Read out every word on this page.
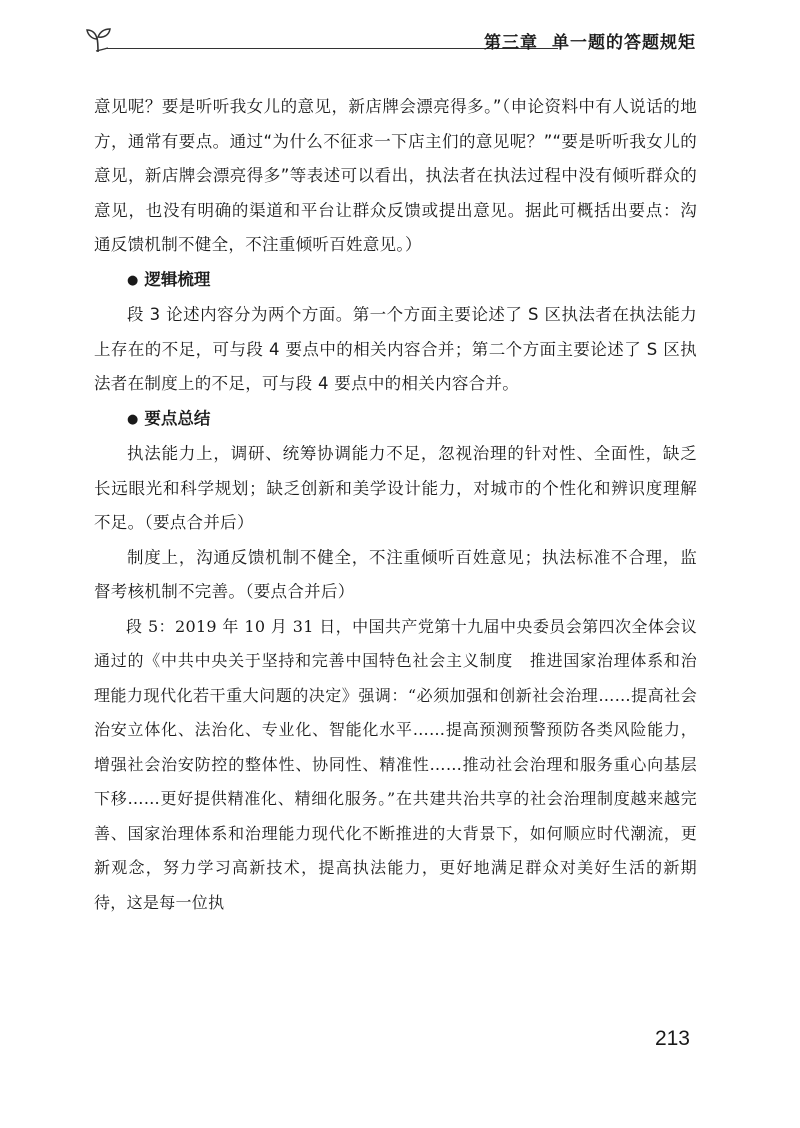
第三章 单一题的答题规矩

意见呢？要是听听我女儿的意见，新店牌会漂亮得多。”（申论资料中有人说话的地方，通常有要点。通过“为什么不征求一下店主们的意见呢？”“要是听听我女儿的意见，新店牌会漂亮得多”等表述可以看出，执法者在执法过程中没有倾听群众的意见，也没有明确的渠道和平台让群众反馈或提出意见。据此可概括出要点：沟通反馈机制不健全，不注重倾听百姓意见。）

● 逻辑梳理

段 3 论述内容分为两个方面。第一个方面主要论述了 S 区执法者在执法能力上存在的不足，可与段 4 要点中的相关内容合并；第二个方面主要论述了 S 区执法者在制度上的不足，可与段 4 要点中的相关内容合并。

● 要点总结

执法能力上，调研、统筹协调能力不足，忽视治理的针对性、全面性，缺乏长远眼光和科学规划；缺乏创新和美学设计能力，对城市的个性化和辨识度理解不足。（要点合并后）

制度上，沟通反馈机制不健全，不注重倾听百姓意见；执法标准不合理，监督考核机制不完善。（要点合并后）

段 5：2019 年 10 月 31 日，中国共产党第十九届中央委员会第四次全体会议通过的《中共中央关于坚持和完善中国特色社会主义制度　推进国家治理体系和治理能力现代化若干重大问题的决定》强调：“必须加强和创新社会治理……提高社会治安立体化、法治化、专业化、智能化水平……提高预测预警预防各类风险能力，增强社会治安防控的整体性、协同性、精准性……推动社会治理和服务重心向基层下移……更好提供精准化、精细化服务。”在共建共治共享的社会治理制度越来越完善、国家治理体系和治理能力现代化不断推进的大背景下，如何顺应时代潮流，更新观念，努力学习高新技术，提高执法能力，更好地满足群众对美好生活的新期待，这是每一位执

213
